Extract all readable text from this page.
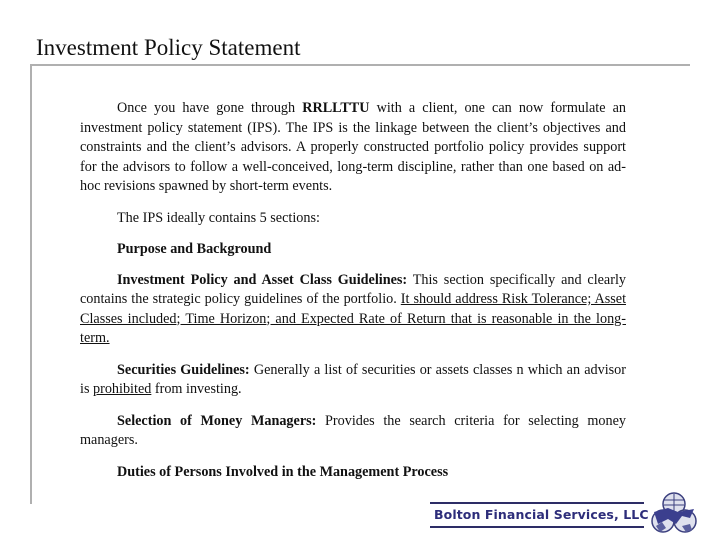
Investment Policy Statement

Once you have gone through RRLLTTU with a client, one can now formulate an investment policy statement (IPS). The IPS is the linkage between the client’s objectives and constraints and the client’s advisors. A properly constructed portfolio policy provides support for the advisors to follow a well-conceived, long-term discipline, rather than one based on ad-hoc revisions spawned by short-term events.

The IPS ideally contains 5 sections:

Purpose and Background

Investment Policy and Asset Class Guidelines: This section specifically and clearly contains the strategic policy guidelines of the portfolio. It should address Risk Tolerance; Asset Classes included; Time Horizon; and Expected Rate of Return that is reasonable in the long-term.

Securities Guidelines: Generally a list of securities or assets classes n which an advisor is prohibited from investing.

Selection of Money Managers: Provides the search criteria for selecting money managers.

Duties of Persons Involved in the Management Process

Bolton Financial Services, LLC
